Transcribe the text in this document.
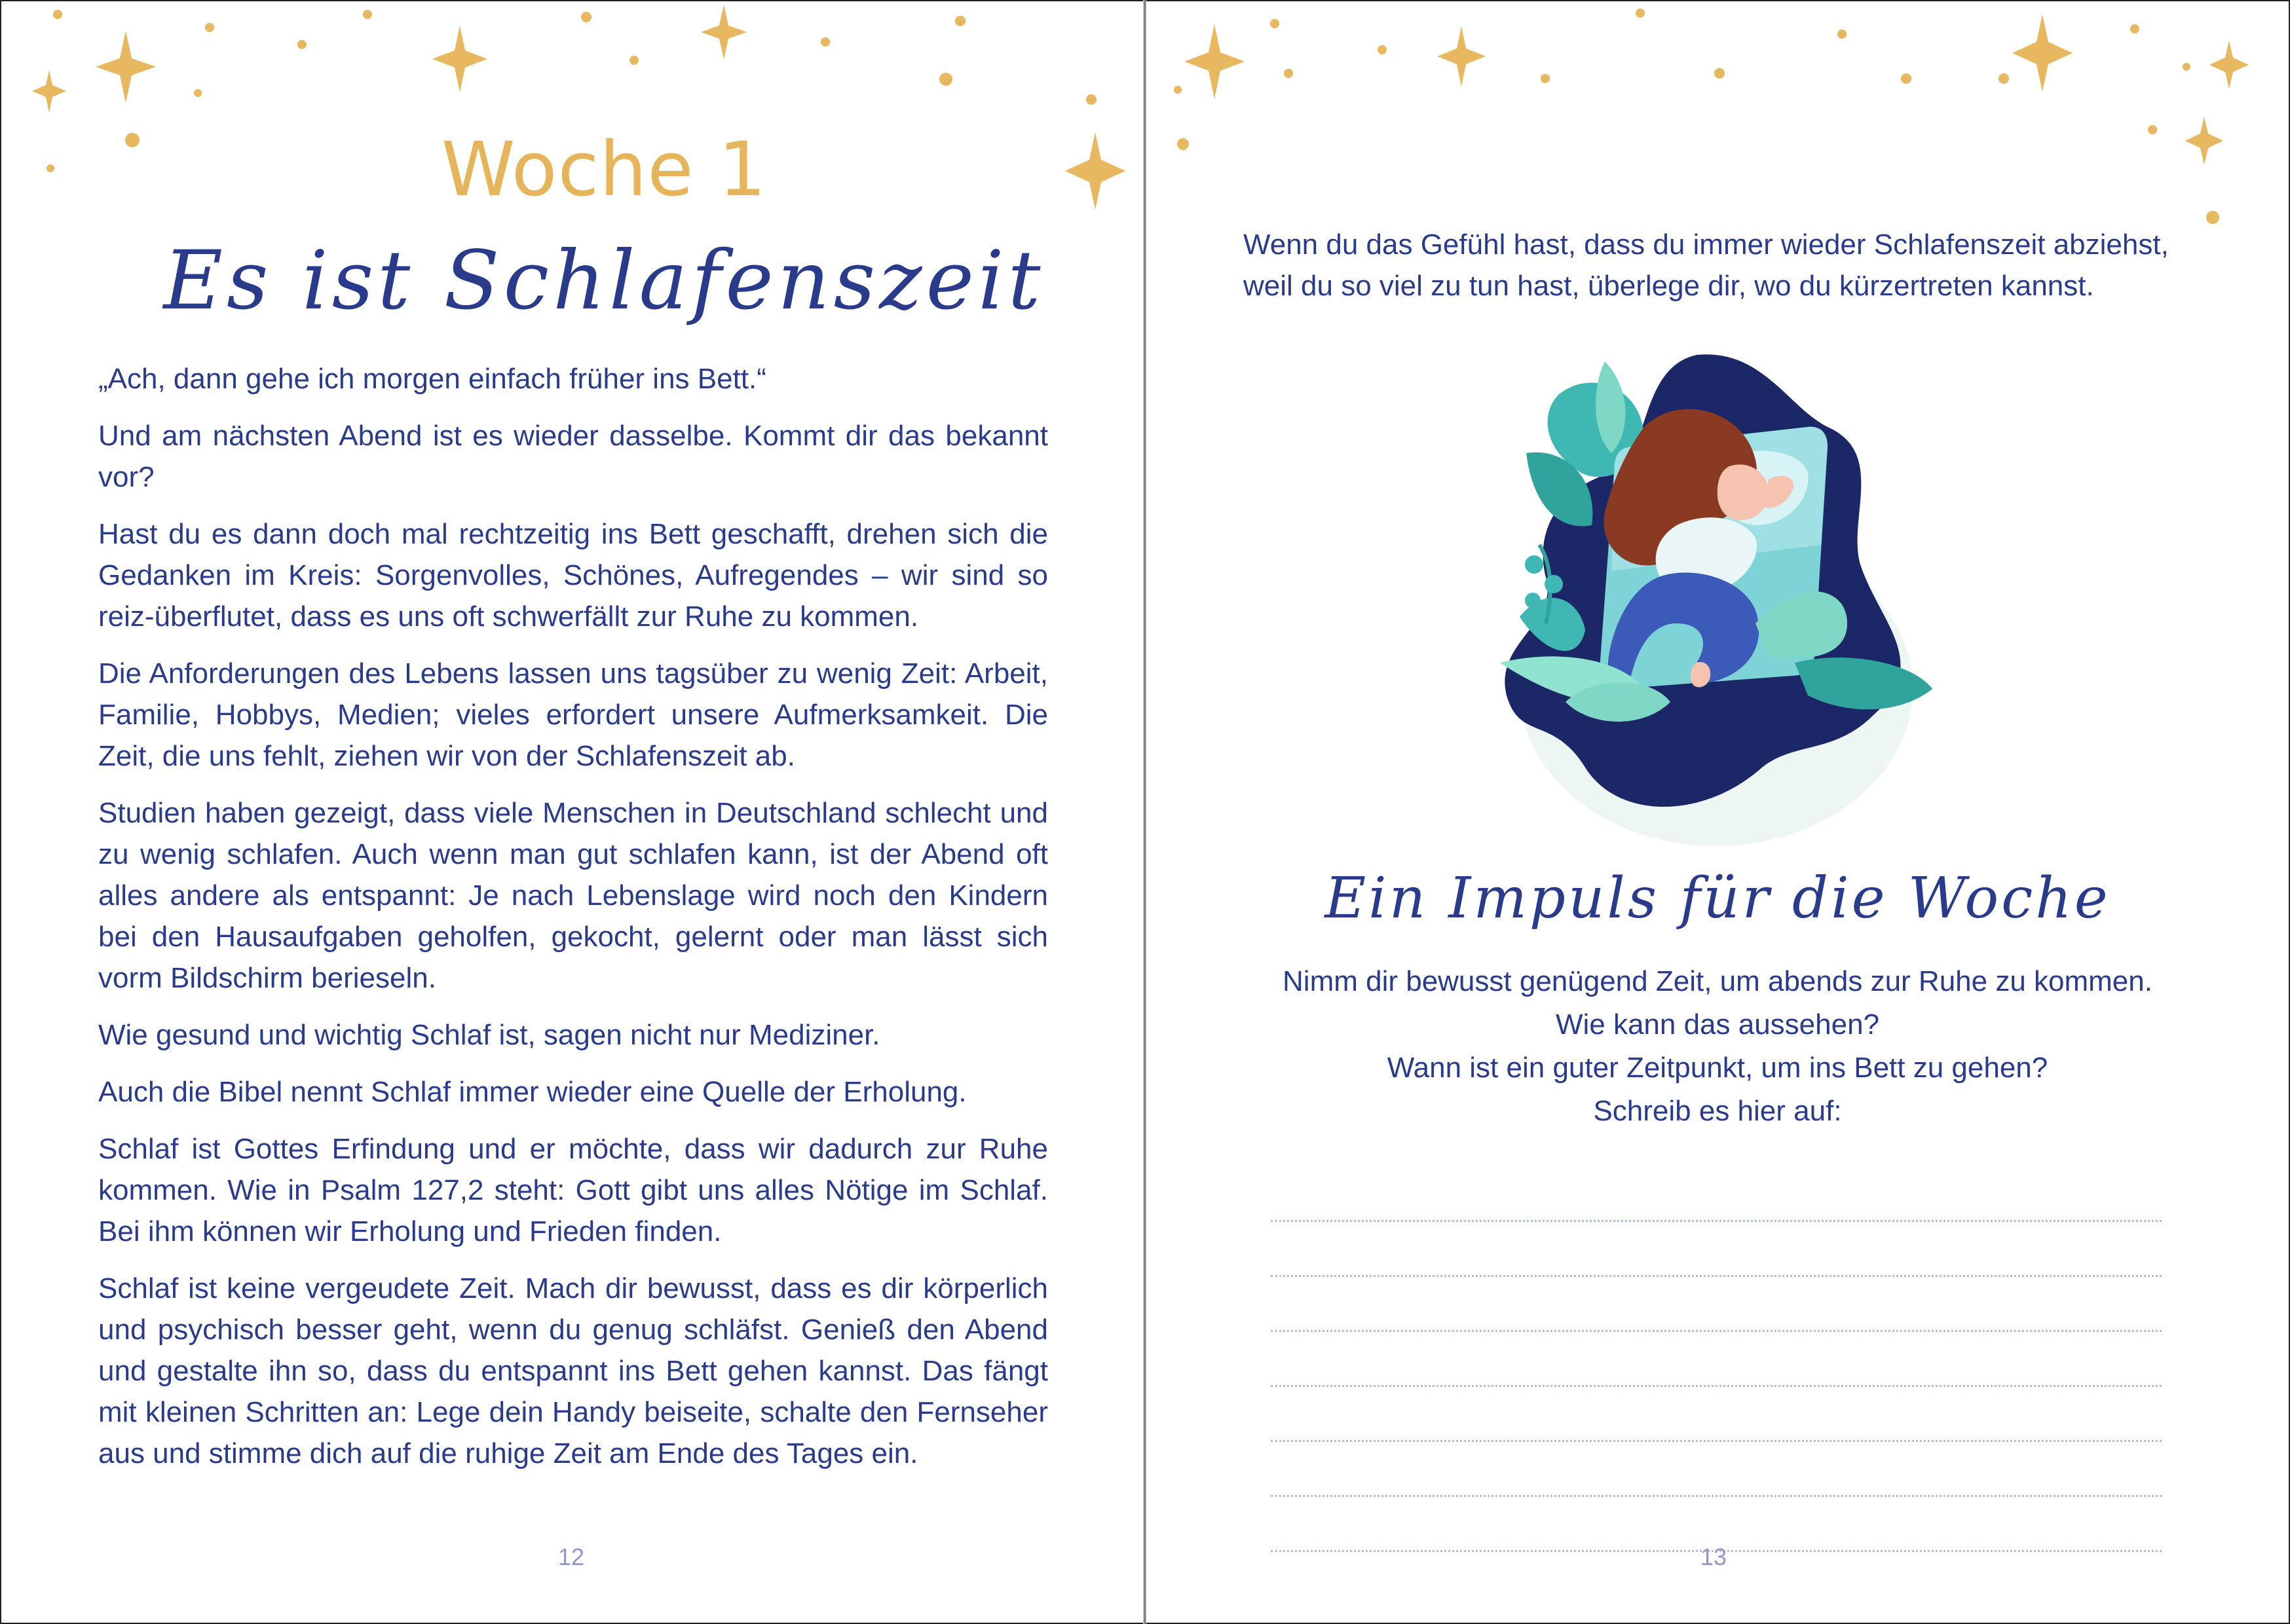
Woche 1
Es ist Schlafenszeit

„Ach, dann gehe ich morgen einfach früher ins Bett.“

Und am nächsten Abend ist es wieder dasselbe. Kommt dir das bekannt vor?

Hast du es dann doch mal rechtzeitig ins Bett geschafft, drehen sich die Gedanken im Kreis: Sorgenvolles, Schönes, Aufregendes – wir sind so reiz-überflutet, dass es uns oft schwerfällt zur Ruhe zu kommen.

Die Anforderungen des Lebens lassen uns tagsüber zu wenig Zeit: Arbeit, Familie, Hobbys, Medien; vieles erfordert unsere Aufmerksamkeit. Die Zeit, die uns fehlt, ziehen wir von der Schlafenszeit ab.

Studien haben gezeigt, dass viele Menschen in Deutschland schlecht und zu wenig schlafen. Auch wenn man gut schlafen kann, ist der Abend oft alles andere als entspannt: Je nach Lebenslage wird noch den Kindern bei den Hausaufgaben geholfen, gekocht, gelernt oder man lässt sich vorm Bildschirm berieseln.

Wie gesund und wichtig Schlaf ist, sagen nicht nur Mediziner.

Auch die Bibel nennt Schlaf immer wieder eine Quelle der Erholung.

Schlaf ist Gottes Erfindung und er möchte, dass wir dadurch zur Ruhe kommen. Wie in Psalm 127,2 steht: Gott gibt uns alles Nötige im Schlaf. Bei ihm können wir Erholung und Frieden finden.

Schlaf ist keine vergeudete Zeit. Mach dir bewusst, dass es dir körperlich und psychisch besser geht, wenn du genug schläfst. Genieß den Abend und gestalte ihn so, dass du entspannt ins Bett gehen kannst. Das fängt mit kleinen Schritten an: Lege dein Handy beiseite, schalte den Fernseher aus und stimme dich auf die ruhige Zeit am Ende des Tages ein.

12
Wenn du das Gefühl hast, dass du immer wieder Schlafenszeit abziehst, weil du so viel zu tun hast, überlege dir, wo du kürzertreten kannst.
Ein Impuls für die Woche
Nimm dir bewusst genügend Zeit, um abends zur Ruhe zu kommen.
Wie kann das aussehen?
Wann ist ein guter Zeitpunkt, um ins Bett zu gehen?
Schreib es hier auf:
13
